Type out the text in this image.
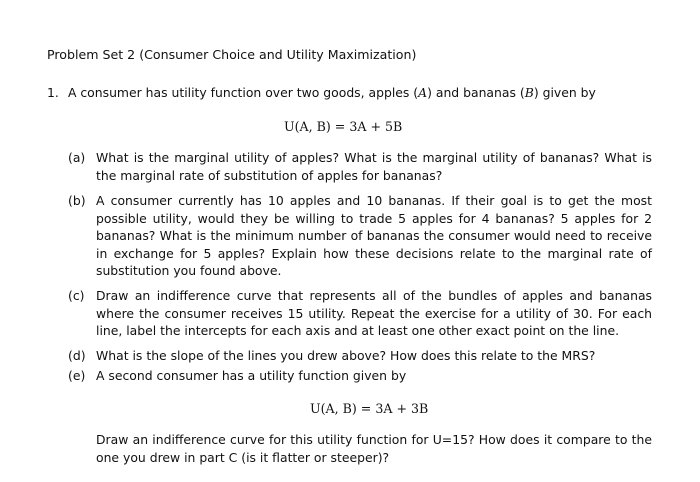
Problem Set 2 (Consumer Choice and Utility Maximization)
1. A consumer has utility function over two goods, apples (A) and bananas (B) given by
U(A, B) = 3A + 5B
(a) What is the marginal utility of apples? What is the marginal utility of bananas? What is the marginal rate of substitution of apples for bananas?
(b) A consumer currently has 10 apples and 10 bananas. If their goal is to get the most possible utility, would they be willing to trade 5 apples for 4 bananas? 5 apples for 2 bananas? What is the minimum number of bananas the consumer would need to receive in exchange for 5 apples? Explain how these decisions relate to the marginal rate of substitution you found above.
(c) Draw an indifference curve that represents all of the bundles of apples and bananas where the consumer receives 15 utility. Repeat the exercise for a utility of 30. For each line, label the intercepts for each axis and at least one other exact point on the line.
(d) What is the slope of the lines you drew above? How does this relate to the MRS?
(e) A second consumer has a utility function given by
U(A, B) = 3A + 3B
Draw an indifference curve for this utility function for U=15? How does it compare to the one you drew in part C (is it flatter or steeper)?
